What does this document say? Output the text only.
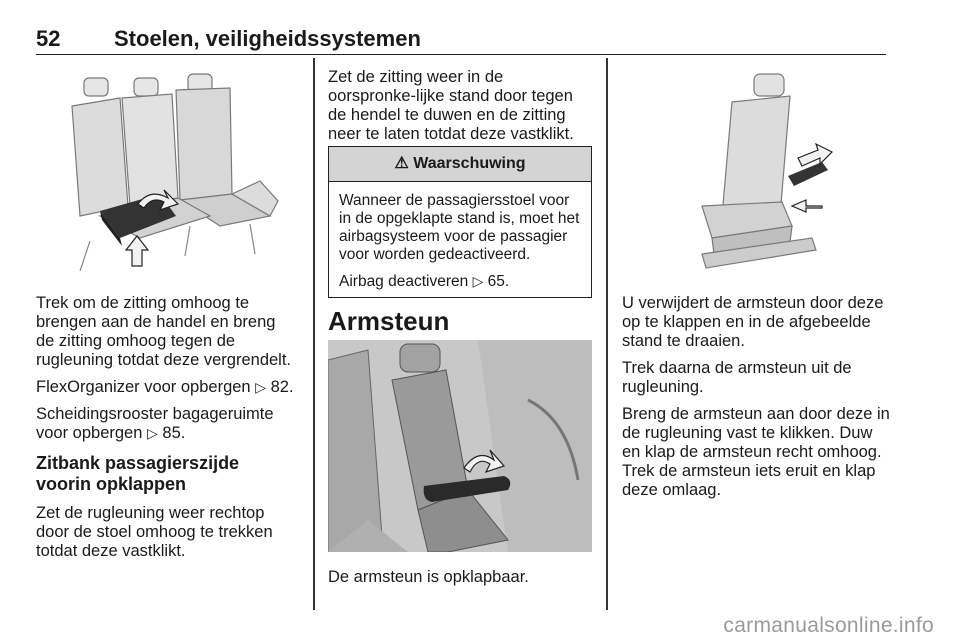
52 Stoelen, veiligheidssystemen

Trek om de zitting omhoog te brengen aan de handel en breng de zitting omhoog tegen de rugleuning totdat deze vergrendelt.

FlexOrganizer voor opbergen ▷ 82.

Scheidingsrooster bagageruimte voor opbergen ▷ 85.

Zitbank passagierszijde voorin opklappen

Zet de rugleuning weer rechtop door de stoel omhoog te trekken totdat deze vastklikt.

Zet de zitting weer in de oorspronke-lijke stand door tegen de hendel te duwen en de zitting neer te laten totdat deze vastklikt.

⚠ Waarschuwing

Wanneer de passagiersstoel voor in de opgeklapte stand is, moet het airbagsysteem voor de passagier voor worden gedeactiveerd.

Airbag deactiveren ▷ 65.

Armsteun

De armsteun is opklapbaar.

U verwijdert de armsteun door deze op te klappen en in de afgebeelde stand te draaien.

Trek daarna de armsteun uit de rugleuning.

Breng de armsteun aan door deze in de rugleuning vast te klikken. Duw en klap de armsteun recht omhoog. Trek de armsteun iets eruit en klap deze omlaag.

carmanualsonline.info
